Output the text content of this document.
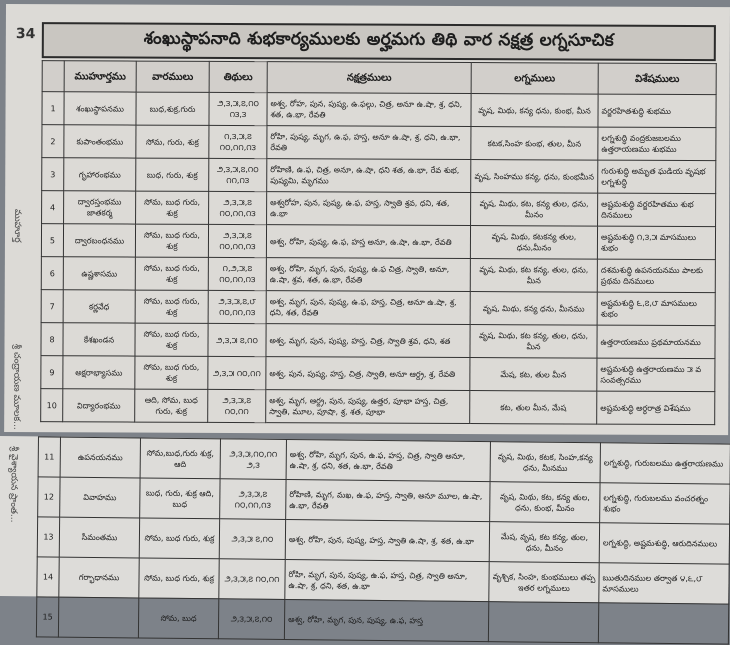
34
ముహూర్త
శ్రీ చంద్రాయణ మూలక...
శంఖుస్థాపనాది శుభకార్యములకు అర్హమగు తిథి వార నక్షత్ర లగ్నసూచిక
	ముహూర్తము	వారములు	తిథులు	నక్షత్రములు	లగ్నములు	విశేషములు
1	శంఖుస్థాపనము	బుధ,శుక్ర,గురు	౨,౩,౫,౭,౧౦ ౧౩,౩	అశ్వ, రోహ, పున, పుష్య, ఉ.ఫల్గు, చిత్ర, అనూ ఉ.షా, శ్ర, ధని, శత, ఉ.భా, రేవతి	వృష, మిథు, కన్య ధను, కుంభ, మీన	వర్జరహితశుద్ధి శుభము
2	కుపాంతంభము	సోమ, గురు, శుక్ర	౧,౩,౫,౭ ౧౦,౧౧,౧౩	రోహి, పుష్య, మృగ, ఉ.ఫ, హస్త, అనూ ఉ.షా, శ్ర, ధని, ఉ.భా, రేవతి	కటక,సింహ కుంభ, తుల, మీన	లగ్నశుద్ధి వంద్రకుజబలము ఉత్తరాయణము శుభము
3	గృహారంభము	బుధ, గురు, శుక్ర	౨,౩,౫,౭,౧౦ ౧౧,౧౩	రోహిణి, ఉ.ఫ, చిత్ర, అనూ, ఉ.షా, ధని శత, ఉ.భా, రేవ శుభ, పుష్యమి, మృగము	వృష, సింహము కన్య, ధను, కుంభమీన	గురుశుద్ధి అమృత ఘడియ వృషభ లగ్నశుద్ధి
4	ద్వారస్తంభము జాతకర్మ	సోమ, బుధ గురు, శుక్ర	౨,౩,౫,౭ ౧౦,౧౧,౧౩	అశ్వరోహ, పున, పుష్య, ఉ.ఫ, హస్త, స్వాతి శ్రవ, ధని, శత, ఉ.భా	వృష, మిథు, కట, కన్య తుల, ధను, మీనం	అష్టమశుద్ధి వర్జరహితము శుభ దినములు
5	ద్వారబంధనము	సోమ, బుధ గురు, శుక్ర	౨,౩,౫,౭ ౧౦,౧౧,౧౩	అశ్వ, రోహి, పుష్య, ఉ.ఫ, హస్త అనూ, ఉ.షా, ఉ.భా, రేవతి	వృష, మిథు, కటకన్య తుల, ధను,మీనం	అష్టమశుద్ధి ౧,౩,౫ మాసములు శుభం
6	ఉష్ణశాసము	సోమ, బుధ గురు, శుక్ర	౧,౨,౫,౭ ౧౦,౧౧,౧౩	అశ్వ, రోహి, మృగ, పున, పుష్య, ఉ.ఫ చిత్ర, స్వాతి, అనూ, ఉ.షా, శ్రవ, శత, ఉ.భా, రేవతి	వృష, మిథు, కట కన్య, తుల, ధను, మీన	దశమశుద్ధి ఉపనయనము పాలకు ప్రథమ దినములు
7	కర్ణవేధ	సోమ, బుధ గురు, శుక్ర	౨,౩,౫,౭,౮ ౧౦,౧౧,౧౩	అశ్వ, మృగ, పున, పుష్య, ఉ.ఫ, హస్త, చిత్ర, అనూ ఉ.షా, శ్ర, ధని, శత, రేవతి	వృష, మిథు, కన్య ధను, మీనము	అష్టమశుద్ధి ౬,౭,౮ మాసములు శుభం
8	కేశఖండన	సోమ, బుధ గురు, శుక్ర	౨,౩,౫ ౭,౧౦	అశ్వ, మృగ, పున, పుష్య, హస్త, చిత్ర, స్వాతి శ్రవ, ధని, శత	వృష, మిథు, కట కన్య, తుల, ధను, మీన	ఉత్తరాయణము ప్రథమాయనము
9	అక్షరాభ్యాసము	సోమ, బుధ గురు, శుక్ర	౨,౩,౫ ౧౦,౧౧	అశ్వ, పున, పుష్య, హస్త, చిత్ర, స్వాతి, అనూ ఆర్ద్ర, శ్ర, రేవతి	మేష, కట, తుల మీన	అష్టమశుద్ధి ఉత్తరాయణము ౫ వ సంవత్సరము
10	విద్యారంభము	ఆది, సోమ, బుధ గురు, శుక్ర	౨,౩,౫,౭ ౧౦,౧౧	అశ్వ, మృగ, ఆర్ద్ర, పున, పుష్య, ఉత్తర, పూభా హస్త, చిత్ర, స్వాతి, మూల, పూషా, శ్ర, శత, పూభా	కట, తుల మీన, మేష	అష్టమశుద్ధి అర్ధరాత్ర విశేషము
శ్రీ వైశ్యాయన ప్రాంత...	11	ఉపనయనము	సోమ,బుధ,గురు శుక్ర, ఆది	౨,౩,౫,౧౦,౧౧ ౨,౩	అశ్వ, రోహి, మృగ, పున, ఉ.ఫ, హస్త, చిత్ర, స్వాతి అనూ, ఉ.షా, శ్ర, ధని, శత, ఉ.భా, రేవతి	వృష, మిథు, కటక, సింహ,కన్య ధను, మీనము	లగ్నశుద్ధి, గురుబలము ఉత్తరాయణము
12	వివాహము	బుధ, గురు, శుక్ర ఆది, బుధ	౨,౩,౫,౭ ౧౦,౧౧,౧౩	రోహిణి, మృగ, మఖ, ఉ.ఫ, హస్త, స్వాతి, అనూ మూల, ఉ.షా, ఉ.భా, రేవతి	వృష, మిథు, కట, కన్య తుల, ధను, కుంభ, మీనం	లగ్నశుద్ధి, గురుబలము వంచరత్నం శుభం
13	సీమంతము	సోమ, బుధ గురు, శుక్ర	౨,౩,౫ ౭,౧౦	అశ్వ, రోహి, పున, పుష్య, హస్త, స్వాతి ఉ.షా, శ్ర, శత, ఉ.భా	మేష, వృష, కట కన్య, తుల, ధను, మీనం	లగ్నశుద్ధి, అష్టమశుద్ధి, ఆరుదినములు
14	గర్భాధానము	సోమ, బుధ గురు, శుక్ర	౨,౩,౫,౭ ౧౦,౧౧	రోహి, మృగ, పున, పుష్య, ఉ.ఫ, హస్త, చిత్ర, స్వాతి అనూ, ఉ.షా, శ్ర, ధని, శత, ఉ.భా	వృశ్చిక, సింహ, కుంభములు తప్ప ఇతర లగ్నములు	ఋతుదినముల తర్వాత ౪,౬,౮ మాసములు
15		సోమ, బుధ	౨,౩,౫,౭,౧౦	అశ్వ, రోహి, మృగ, పున, పుష్య, ఉ.ఫ, హస్త		
